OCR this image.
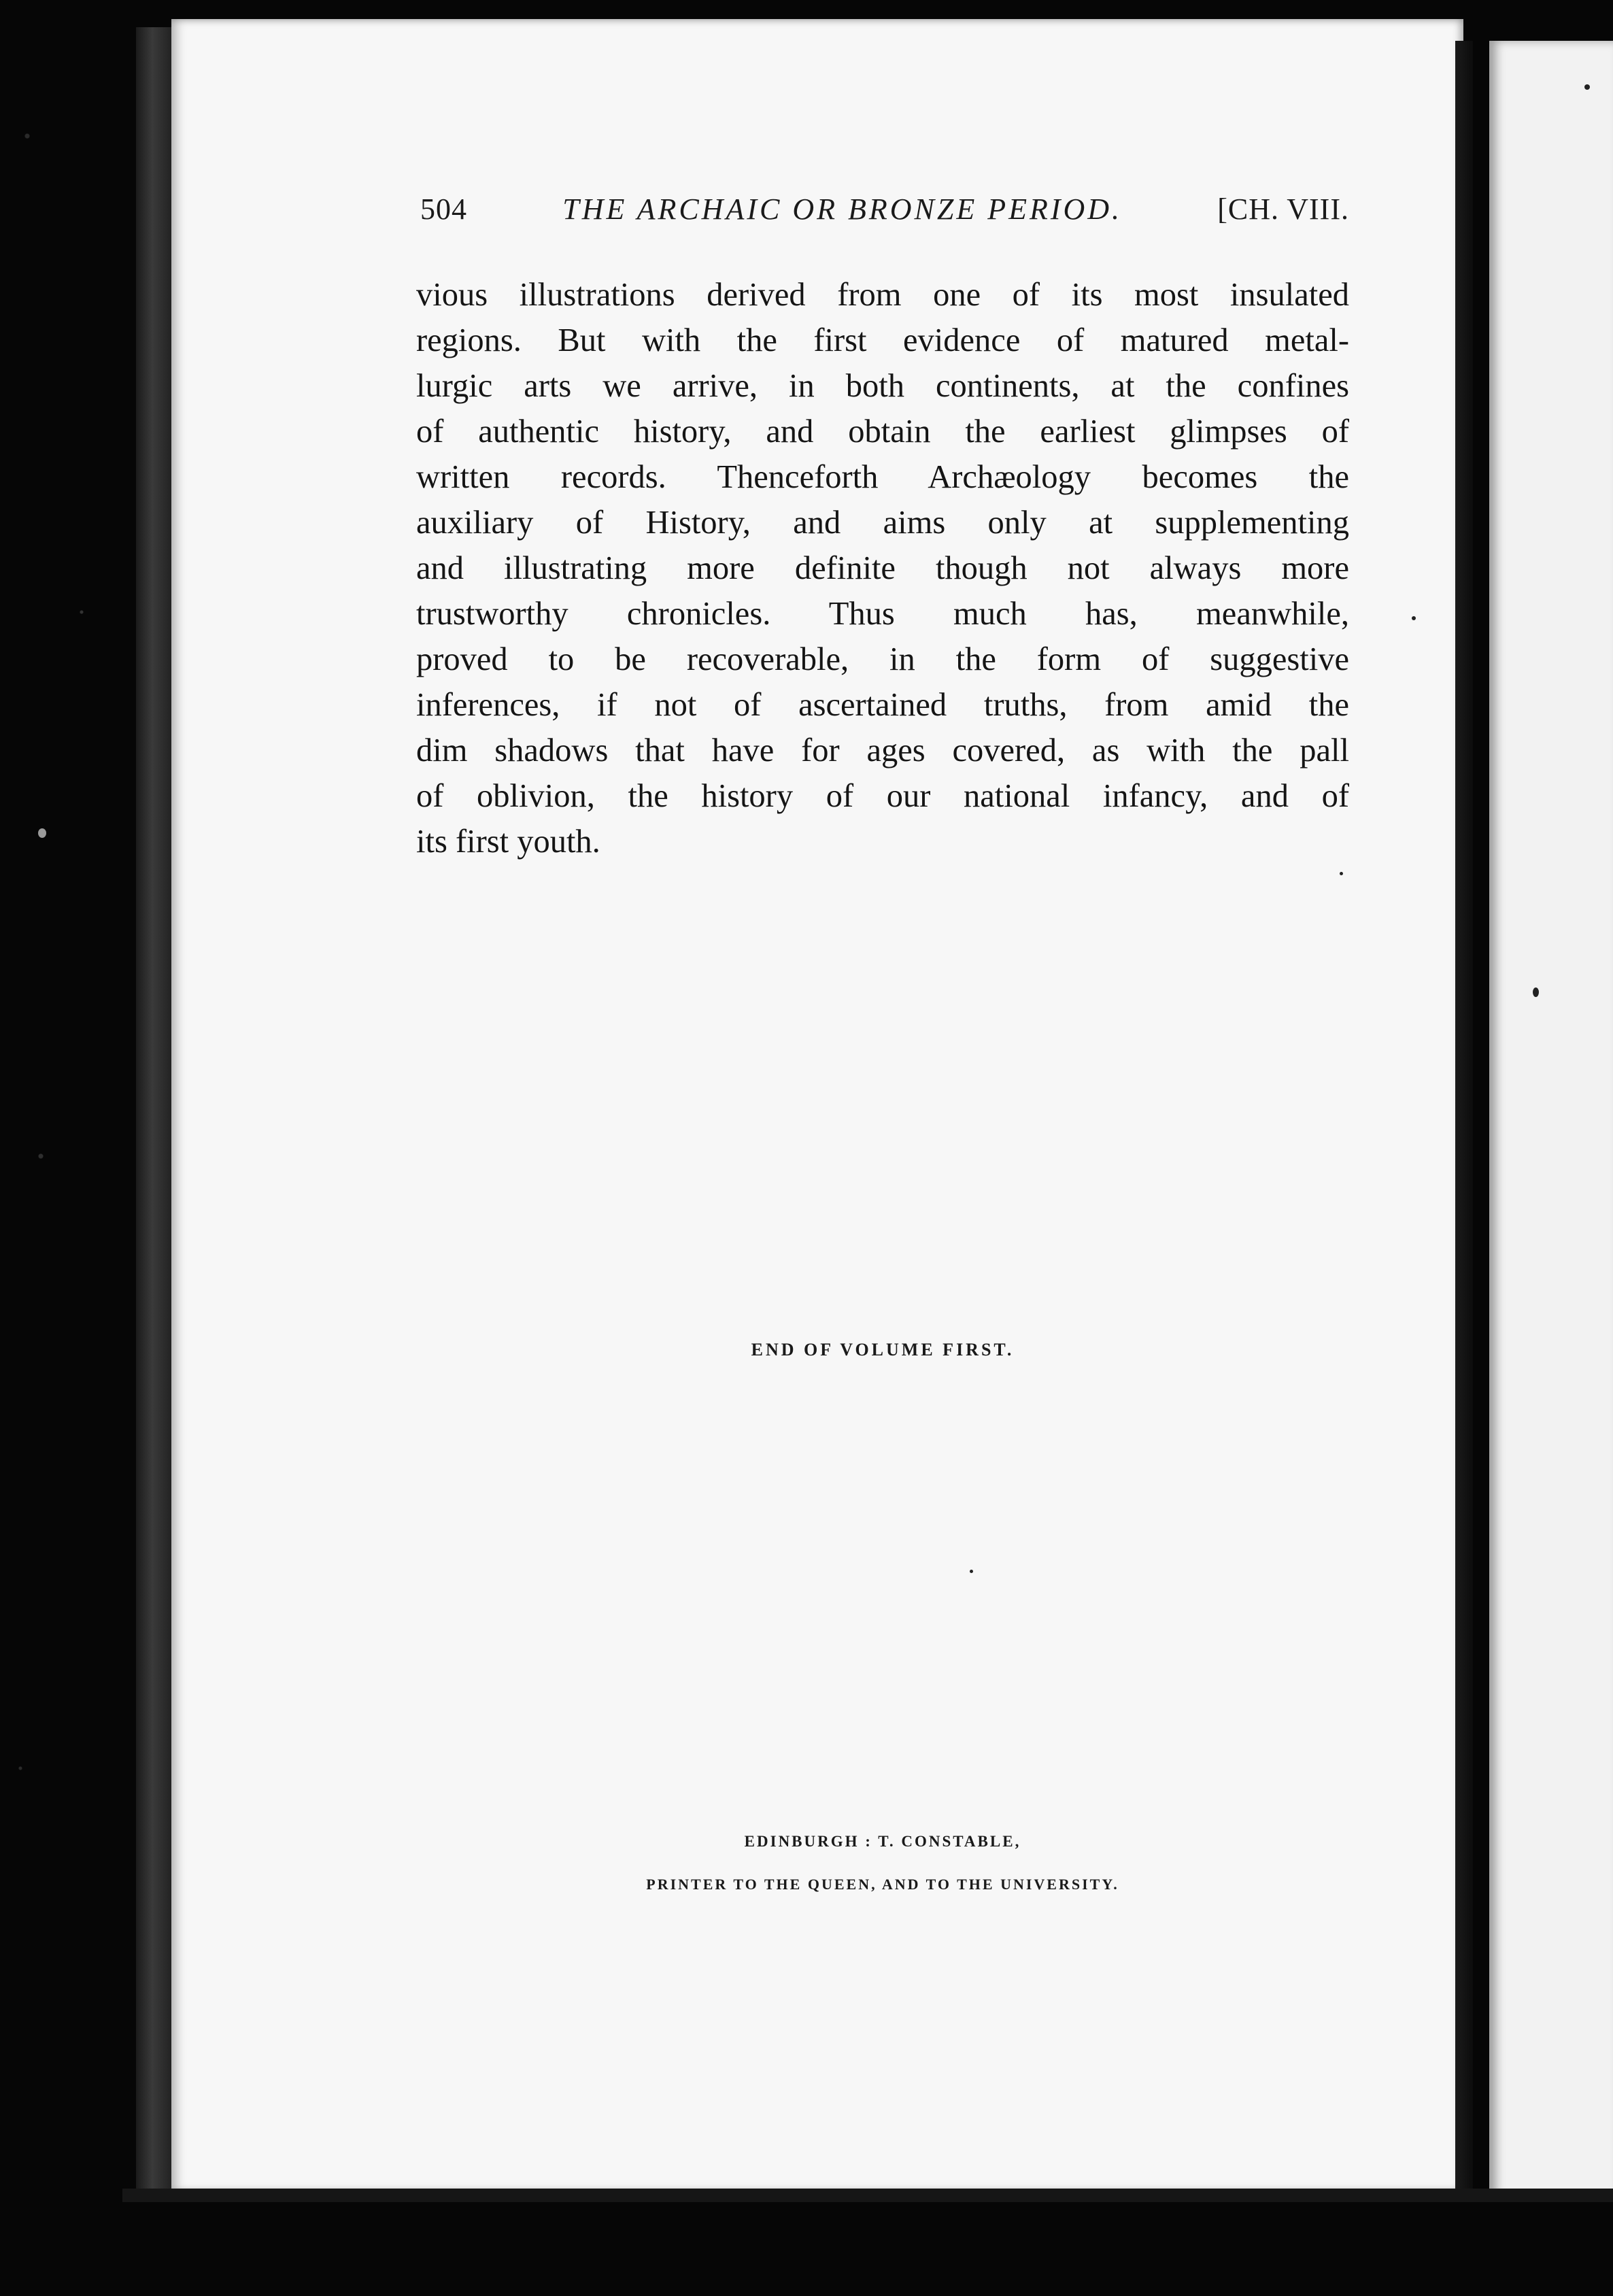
504	THE ARCHAIC OR BRONZE PERIOD.	[CH. VIII.
vious illustrations derived from one of its most insulated
regions. But with the first evidence of matured metal-
lurgic arts we arrive, in both continents, at the confines
of authentic history, and obtain the earliest glimpses of
written records. Thenceforth Archæology becomes the
auxiliary of History, and aims only at supplementing
and illustrating more definite though not always more
trustworthy chronicles. Thus much has, meanwhile,
proved to be recoverable, in the form of suggestive
inferences, if not of ascertained truths, from amid the
dim shadows that have for ages covered, as with the pall
of oblivion, the history of our national infancy, and of
its first youth.
END OF VOLUME FIRST.
EDINBURGH : T. CONSTABLE,
PRINTER TO THE QUEEN, AND TO THE UNIVERSITY.
